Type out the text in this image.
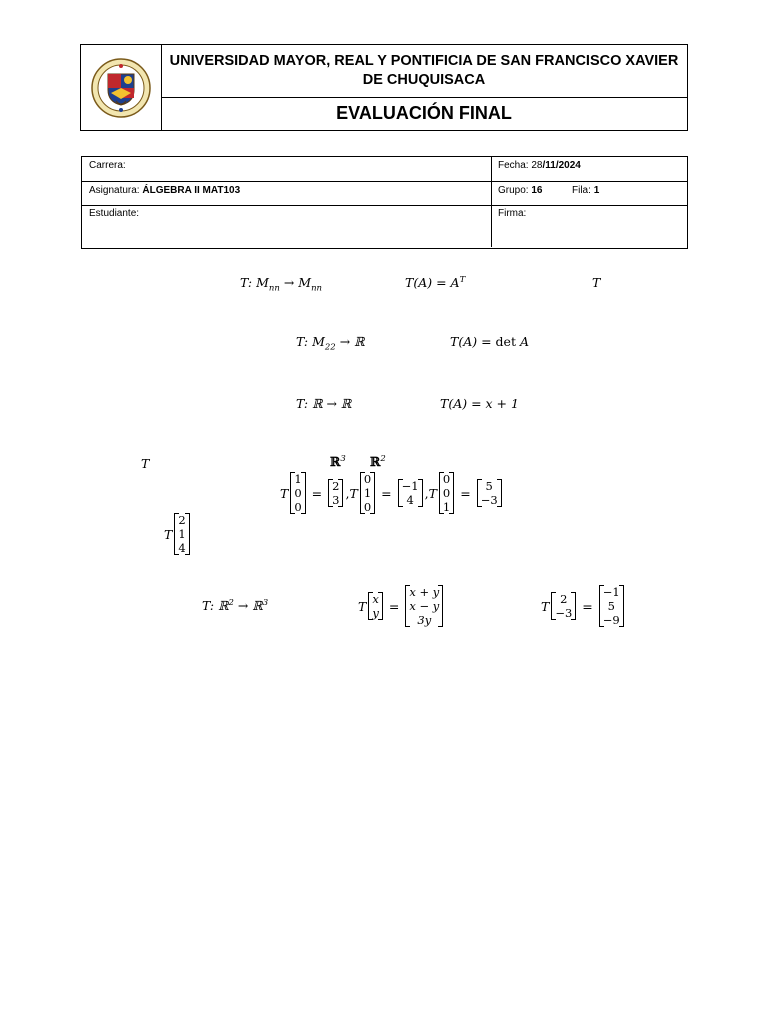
UNIVERSIDAD MAYOR, REAL Y PONTIFICIA DE SAN FRANCISCO XAVIER DE CHUQUISACA
EVALUACIÓN FINAL
Carrera:	Fecha: 28/11/2024
Asignatura: ÁLGEBRA II MAT103	Grupo: 16	Fila: 1
Estudiante:	Firma:
T: $M_{nn} \to M_{nn}$	$T(A) = A^T$	T
T: $M_{22}$ → ℝ	T(A) = det A
T: ℝ → ℝ	T(A) = x + 1
T	ℝ$^3$ ℝ$^2$
T
1
0
0
= 2
3 , T
0
1
0
= −1
4 , T
0
0
1
=	5
−3
T
2
1
4
T: ℝ$^2$ → ℝ$^3$	T x
y =
x + y
x − y
3y
T 2
−3 =
−1
5
−9
